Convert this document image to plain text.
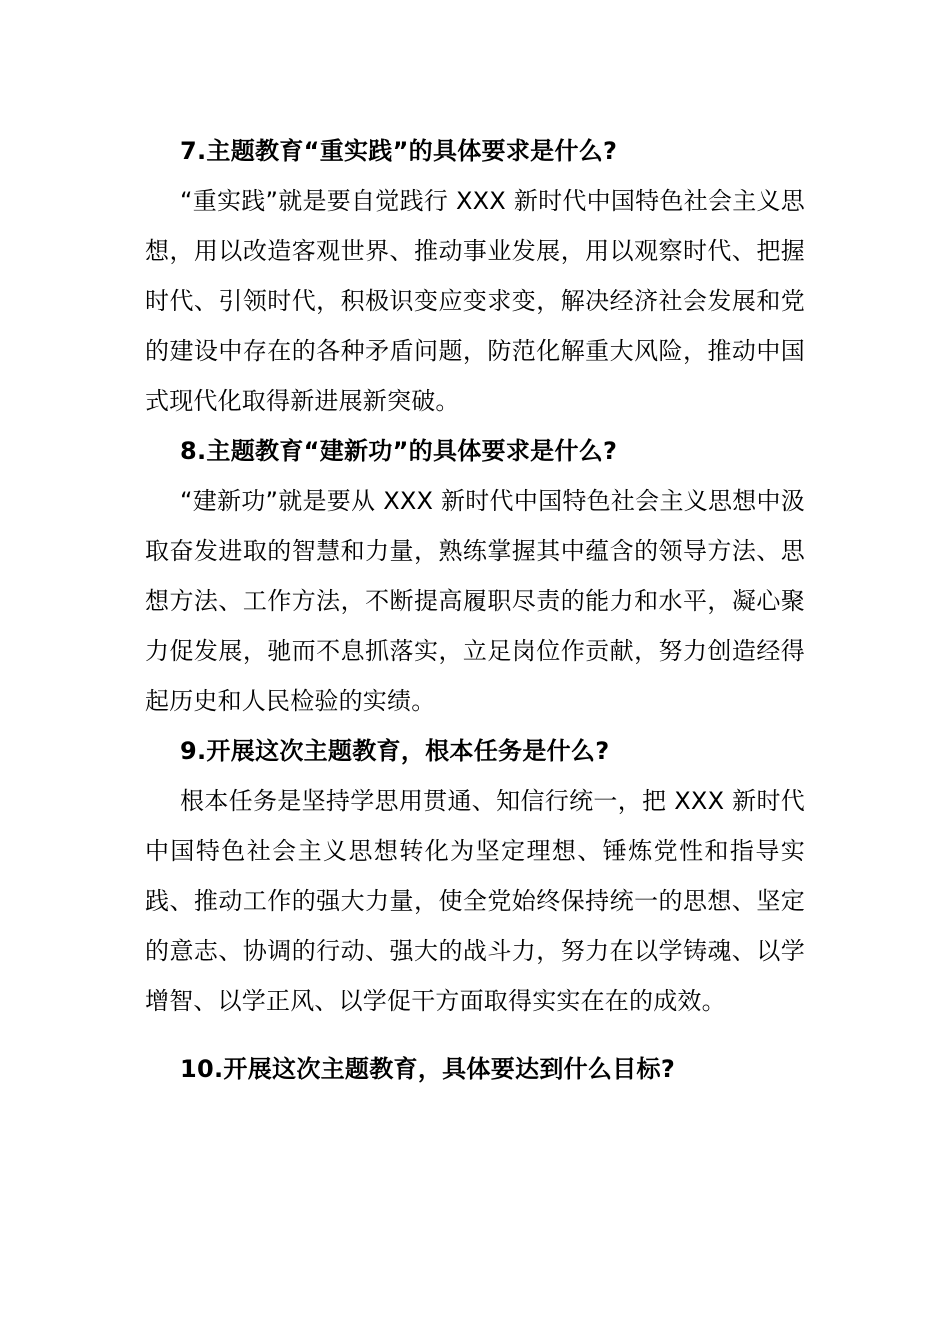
7.主题教育“重实践”的具体要求是什么?

“重实践”就是要自觉践行 XXX 新时代中国特色社会主义思想，用以改造客观世界、推动事业发展，用以观察时代、把握时代、引领时代，积极识变应变求变，解决经济社会发展和党的建设中存在的各种矛盾问题，防范化解重大风险，推动中国式现代化取得新进展新突破。

8.主题教育“建新功”的具体要求是什么?

“建新功”就是要从 XXX 新时代中国特色社会主义思想中汲取奋发进取的智慧和力量，熟练掌握其中蕴含的领导方法、思想方法、工作方法，不断提高履职尽责的能力和水平，凝心聚力促发展，驰而不息抓落实，立足岗位作贡献，努力创造经得起历史和人民检验的实绩。

9.开展这次主题教育，根本任务是什么?

根本任务是坚持学思用贯通、知信行统一，把 XXX 新时代中国特色社会主义思想转化为坚定理想、锤炼党性和指导实践、推动工作的强大力量，使全党始终保持统一的思想、坚定的意志、协调的行动、强大的战斗力，努力在以学铸魂、以学增智、以学正风、以学促干方面取得实实在在的成效。

10.开展这次主题教育，具体要达到什么目标?
